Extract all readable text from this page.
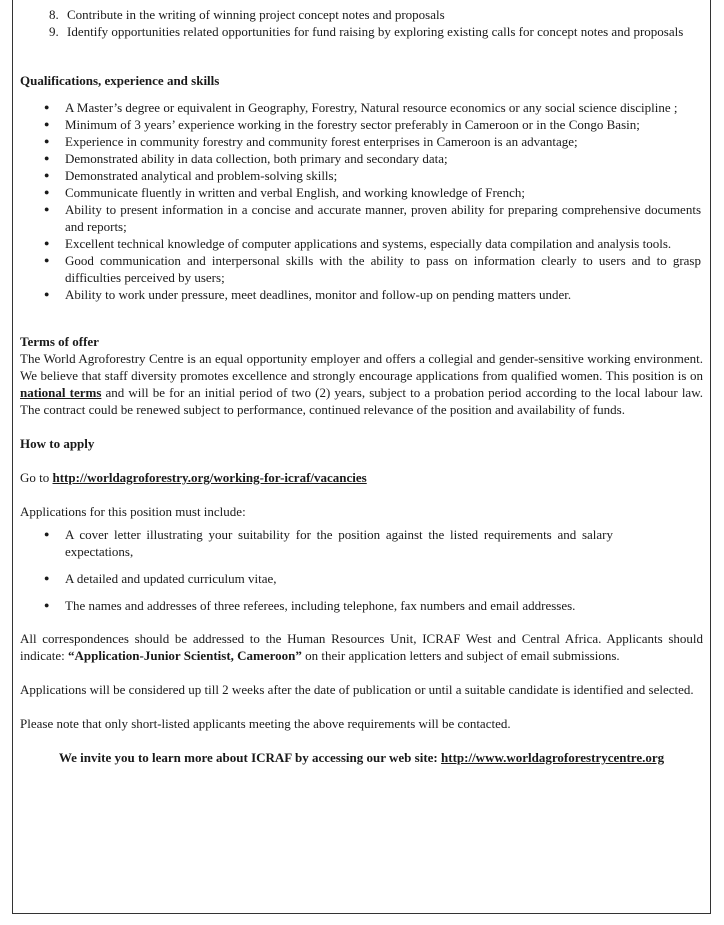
8. Contribute in the writing of winning project concept notes and proposals
9. Identify opportunities related opportunities for fund raising by exploring existing calls for concept notes and proposals
Qualifications, experience and skills
●	A Master’s degree or equivalent in Geography, Forestry, Natural resource economics or any social science discipline ;
●	Minimum of 3 years’ experience working in the forestry sector preferably in Cameroon or in the Congo Basin;
●	Experience in community forestry and community forest enterprises in Cameroon is an advantage;
●	Demonstrated ability in data collection, both primary and secondary data;
●	Demonstrated analytical and problem-solving skills;
●	Communicate fluently in written and verbal English, and working knowledge of French;
●	Ability to present information in a concise and accurate manner, proven ability for preparing comprehensive documents and reports;
●	Excellent technical knowledge of computer applications and systems, especially data compilation and analysis tools.
●	Good communication and interpersonal skills with the ability to pass on information clearly to users and to grasp difficulties perceived by users;
●	Ability to work under pressure, meet deadlines, monitor and follow-up on pending matters under.
Terms of offer

The World Agroforestry Centre is an equal opportunity employer and offers a collegial and gender-sensitive working environment. We believe that staff diversity promotes excellence and strongly encourage applications from qualified women. This position is on national terms and will be for an initial period of two (2) years, subject to a probation period according to the local labour law. The contract could be renewed subject to performance, continued relevance of the position and availability of funds.

How to apply

Go to http://worldagroforestry.org/working-for-icraf/vacancies

Applications for this position must include:

●	A cover letter illustrating your suitability for the position against the listed requirements and salary expectations,
●	A detailed and updated curriculum vitae,
●	The names and addresses of three referees, including telephone, fax numbers and email addresses.

All correspondences should be addressed to the Human Resources Unit, ICRAF West and Central Africa. Applicants should indicate: “Application-Junior Scientist, Cameroon” on their application letters and subject of email submissions.

Applications will be considered up till 2 weeks after the date of publication or until a suitable candidate is identified and selected.

Please note that only short-listed applicants meeting the above requirements will be contacted.

We invite you to learn more about ICRAF by accessing our web site: http://www.worldagroforestrycentre.org
